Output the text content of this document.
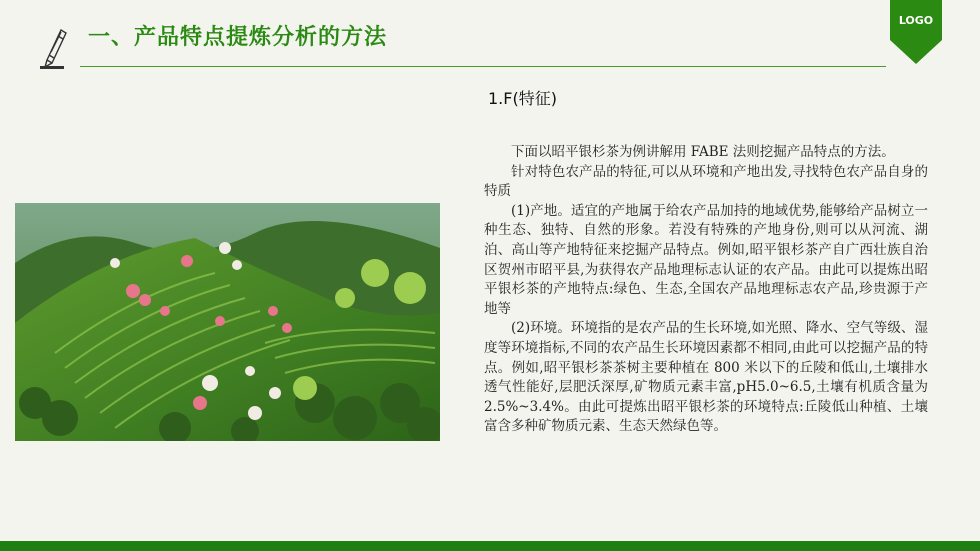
一、产品特点提炼分析的方法
LOGO
1.F(特征)

下面以昭平银杉茶为例讲解用 FABE 法则挖掘产品特点的方法。

针对特色农产品的特征,可以从环境和产地出发,寻找特色农产品自身的特质

(1)产地。适宜的产地属于给农产品加持的地域优势,能够给产品树立一种生态、独特、自然的形象。若没有特殊的产地身份,则可以从河流、湖泊、高山等产地特征来挖掘产品特点。例如,昭平银杉茶产自广西壮族自治区贺州市昭平县,为获得农产品地理标志认证的农产品。由此可以提炼出昭平银杉茶的产地特点:绿色、生态,全国农产品地理标志农产品,珍贵源于产地等

(2)环境。环境指的是农产品的生长环境,如光照、降水、空气等级、湿度等环境指标,不同的农产品生长环境因素都不相同,由此可以挖掘产品的特点。例如,昭平银杉茶茶树主要种植在 800 米以下的丘陵和低山,土壤排水透气性能好,层肥沃深厚,矿物质元素丰富,pH5.0~6.5,土壤有机质含量为2.5%~3.4%。由此可提炼出昭平银杉茶的环境特点:丘陵低山种植、土壤富含多种矿物质元素、生态天然绿色等。
